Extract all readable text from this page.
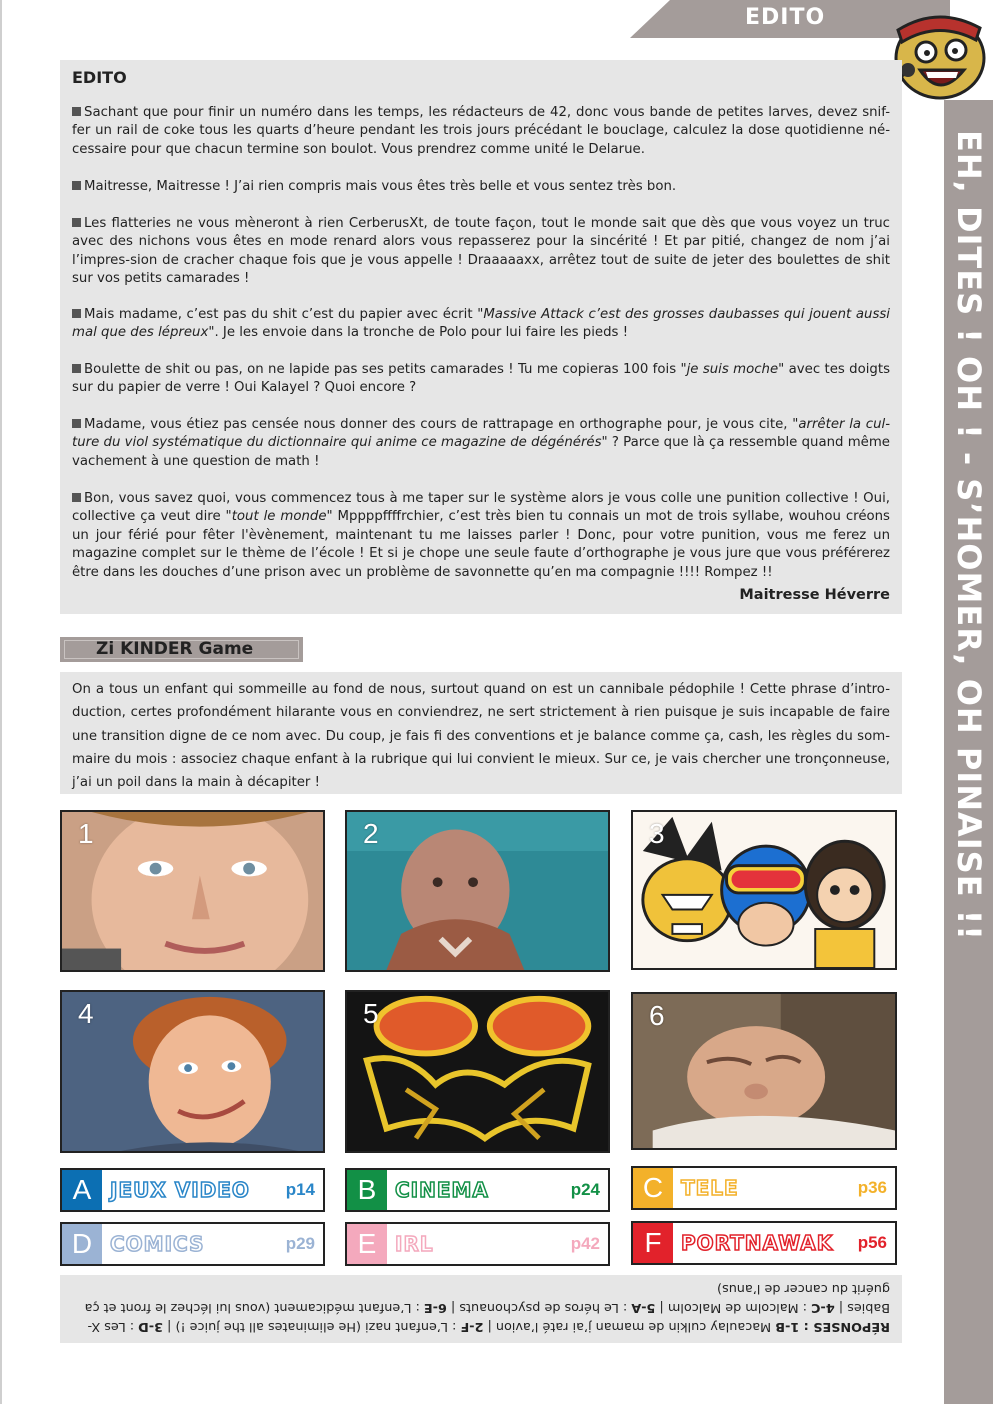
EDITO
EH, DITES ! OH ! - S’HOMER, OH PINAISE !!
EDITO
Sachant que pour finir un numéro dans les temps, les rédacteurs de 42, donc vous bande de petites larves, devez snif-fer un rail de coke tous les quarts d’heure pendant les trois jours précédant le bouclage, calculez la dose quotidienne né-cessaire pour que chacun termine son boulot. Vous prendrez comme unité le Delarue.
Maitresse, Maitresse ! J’ai rien compris mais vous êtes très belle et vous sentez très bon.
Les flatteries ne vous mèneront à rien CerberusXt, de toute façon, tout le monde sait que dès que vous voyez un truc avec des nichons vous êtes en mode renard alors vous repasserez pour la sincérité ! Et par pitié, changez de nom j’ai l’impres-sion de cracher chaque fois que je vous appelle ! Draaaaaxx, arrêtez tout de suite de jeter des boulettes de shit sur vos petits camarades !
Mais madame, c’est pas du shit c’est du papier avec écrit "Massive Attack c’est des grosses daubasses qui jouent aussi mal que des lépreux". Je les envoie dans la tronche de Polo pour lui faire les pieds !
Boulette de shit ou pas, on ne lapide pas ses petits camarades ! Tu me copieras 100 fois "je suis moche" avec tes doigts sur du papier de verre ! Oui Kalayel ? Quoi encore ?
Madame, vous étiez pas censée nous donner des cours de rattrapage en orthographe pour, je vous cite, "arrêter la cul-ture du viol systématique du dictionnaire qui anime ce magazine de dégénérés" ? Parce que là ça ressemble quand même vachement à une question de math !
Bon, vous savez quoi, vous commencez tous à me taper sur le système alors je vous colle une punition collective ! Oui, collective ça veut dire "tout le monde" Mppppffffrchier, c’est très bien tu connais un mot de trois syllabe, wouhou créons un jour férié pour fêter l'èvènement, maintenant tu me laisses parler ! Donc, pour votre punition, vous me ferez un magazine complet sur le thème de l’école ! Et si je chope une seule faute d’orthographe je vous jure que vous préférerez être dans les douches d’une prison avec un problème de savonnette qu’en ma compagnie !!!! Rompez !!
Maitresse Héverre
Zi KINDER Game
On a tous un enfant qui sommeille au fond de nous, surtout quand on est un cannibale pédophile ! Cette phrase d’intro-duction, certes profondément hilarante vous en conviendrez, ne sert strictement à rien puisque je suis incapable de faire une transition digne de ce nom avec. Du coup, je fais fi des conventions et je balance comme ça, cash, les règles du som-maire du mois : associez chaque enfant à la rubrique qui lui convient le mieux. Sur ce, je vais chercher une tronçonneuse, j’ai un poil dans la main à décapiter !
1	2	3
4	5	6
A JEUX VIDEO p14	B CINEMA	p24	C TELE	p36
D COMICS	p29	E IRL	p42	F PORTNAWAK p56
RÉPONSES : 1-B Macaulay culkin de maman j’ai raté l’avion | 2-F : L’enfant nazi (He eliminates all the juice !) | 3-D : Les X-Babies | 4-C : Malcolm de Malcolm | 5-A : Le héros de psychonauts | 6-E : L’enfant médicament (vous lui léchez le front et ça guérit du cancer de l’anus)
